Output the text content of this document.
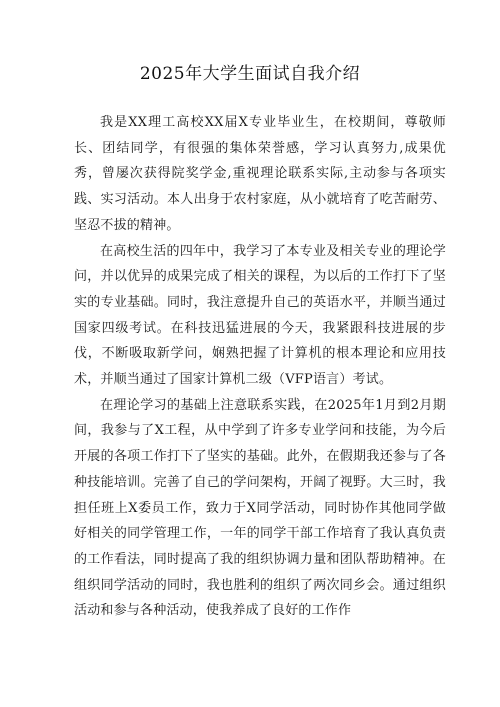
2025年大学生面试自我介绍

我是XX理工高校XX届X专业毕业生，在校期间，尊敬师长、团结同学，有很强的集体荣誉感，学习认真努力,成果优秀，曾屡次获得院奖学金,重视理论联系实际,主动参与各项实践、实习活动。本人出身于农村家庭，从小就培育了吃苦耐劳、坚忍不拔的精神。

在高校生活的四年中，我学习了本专业及相关专业的理论学问，并以优异的成果完成了相关的课程，为以后的工作打下了坚实的专业基础。同时，我注意提升自己的英语水平，并顺当通过国家四级考试。在科技迅猛进展的今天，我紧跟科技进展的步伐，不断吸取新学问，娴熟把握了计算机的根本理论和应用技术，并顺当通过了国家计算机二级（VFP语言）考试。

在理论学习的基础上注意联系实践，在2025年1月到2月期间，我参与了X工程，从中学到了许多专业学问和技能，为今后开展的各项工作打下了坚实的基础。此外，在假期我还参与了各种技能培训。完善了自己的学问架构，开阔了视野。大三时，我担任班上X委员工作，致力于X同学活动，同时协作其他同学做好相关的同学管理工作，一年的同学干部工作培育了我认真负责的工作看法，同时提高了我的组织协调力量和团队帮助精神。在组织同学活动的同时，我也胜利的组织了两次同乡会。通过组织活动和参与各种活动，使我养成了良好的工作作
